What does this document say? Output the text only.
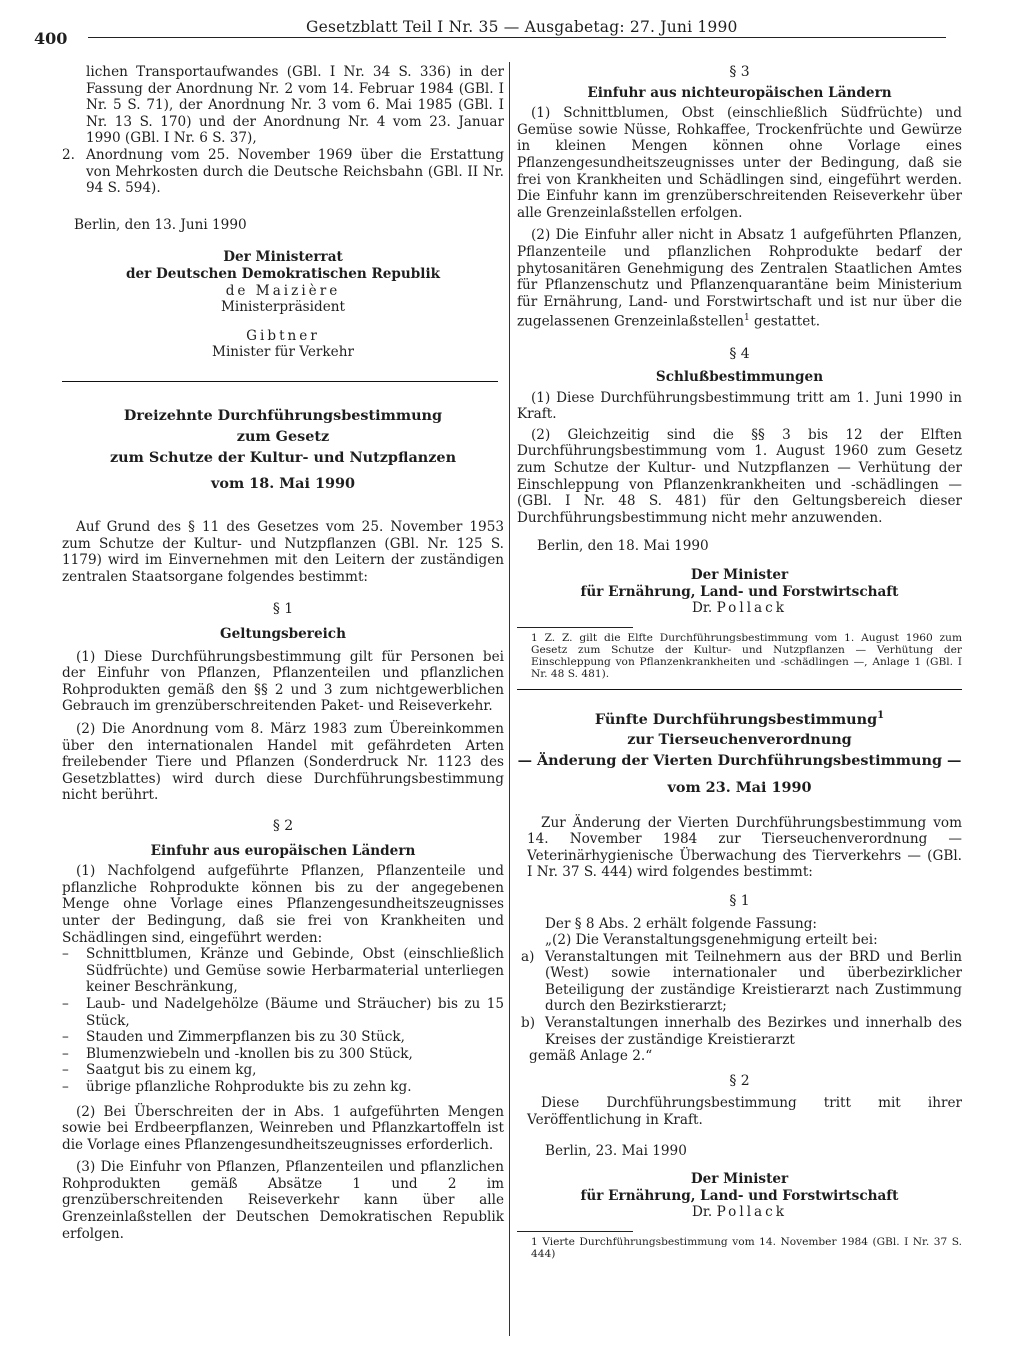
400
Gesetzblatt Teil I Nr. 35 — Ausgabetag: 27. Juni 1990

lichen Transportaufwandes (GBl. I Nr. 34 S. 336) in der Fassung der Anordnung Nr. 2 vom 14. Februar 1984 (GBl. I Nr. 5 S. 71), der Anordnung Nr. 3 vom 6. Mai 1985 (GBl. I Nr. 13 S. 170) und der Anordnung Nr. 4 vom 23. Januar 1990 (GBl. I Nr. 6 S. 37),

2. Anordnung vom 25. November 1969 über die Erstattung von Mehrkosten durch die Deutsche Reichsbahn (GBl. II Nr. 94 S. 594).

Berlin, den 13. Juni 1990

Der Ministerrat

der Deutschen Demokratischen Republik

de Maizière

Ministerpräsident

Gibtner

Minister für Verkehr

Dreizehnte Durchführungsbestimmung

zum Gesetz

zum Schutze der Kultur- und Nutzpflanzen

vom 18. Mai 1990

Auf Grund des § 11 des Gesetzes vom 25. November 1953 zum Schutze der Kultur- und Nutzpflanzen (GBl. Nr. 125 S. 1179) wird im Einvernehmen mit den Leitern der zuständigen zentralen Staatsorgane folgendes bestimmt:

§ 1

Geltungsbereich

(1) Diese Durchführungsbestimmung gilt für Personen bei der Einfuhr von Pflanzen, Pflanzenteilen und pflanzlichen Rohprodukten gemäß den §§ 2 und 3 zum nichtgewerblichen Gebrauch im grenzüberschreitenden Paket- und Reiseverkehr.

(2) Die Anordnung vom 8. März 1983 zum Übereinkommen über den internationalen Handel mit gefährdeten Arten freilebender Tiere und Pflanzen (Sonderdruck Nr. 1123 des Gesetzblattes) wird durch diese Durchführungsbestimmung nicht berührt.

§ 2

Einfuhr aus europäischen Ländern

(1) Nachfolgend aufgeführte Pflanzen, Pflanzenteile und pflanzliche Rohprodukte können bis zu der angegebenen Menge ohne Vorlage eines Pflanzengesundheitszeugnisses unter der Bedingung, daß sie frei von Krankheiten und Schädlingen sind, eingeführt werden:

– Schnittblumen, Kränze und Gebinde, Obst (einschließlich Südfrüchte) und Gemüse sowie Herbarmaterial unterliegen keiner Beschränkung,

– Laub- und Nadelgehölze (Bäume und Sträucher) bis zu 15 Stück,

– Stauden und Zimmerpflanzen bis zu 30 Stück,

– Blumenzwiebeln und -knollen bis zu 300 Stück,

– Saatgut bis zu einem kg,

– übrige pflanzliche Rohprodukte bis zu zehn kg.

(2) Bei Überschreiten der in Abs. 1 aufgeführten Mengen sowie bei Erdbeerpflanzen, Weinreben und Pflanzkartoffeln ist die Vorlage eines Pflanzengesundheitszeugnisses erforderlich.

(3) Die Einfuhr von Pflanzen, Pflanzenteilen und pflanzlichen Rohprodukten gemäß Absätze 1 und 2 im grenzüberschreitenden Reiseverkehr kann über alle Grenzeinlaßstellen der Deutschen Demokratischen Republik erfolgen.

§ 3

Einfuhr aus nichteuropäischen Ländern

(1) Schnittblumen, Obst (einschließlich Südfrüchte) und Gemüse sowie Nüsse, Rohkaffee, Trockenfrüchte und Gewürze in kleinen Mengen können ohne Vorlage eines Pflanzengesundheitszeugnisses unter der Bedingung, daß sie frei von Krankheiten und Schädlingen sind, eingeführt werden. Die Einfuhr kann im grenzüberschreitenden Reiseverkehr über alle Grenzeinlaßstellen erfolgen.

(2) Die Einfuhr aller nicht in Absatz 1 aufgeführten Pflanzen, Pflanzenteile und pflanzlichen Rohprodukte bedarf der phytosanitären Genehmigung des Zentralen Staatlichen Amtes für Pflanzenschutz und Pflanzenquarantäne beim Ministerium für Ernährung, Land- und Forstwirtschaft und ist nur über die zugelassenen Grenzeinlaßstellen$^1$ gestattet.

§ 4

Schlußbestimmungen

(1) Diese Durchführungsbestimmung tritt am 1. Juni 1990 in Kraft.

(2) Gleichzeitig sind die §§ 3 bis 12 der Elften Durchführungsbestimmung vom 1. August 1960 zum Gesetz zum Schutze der Kultur- und Nutzpflanzen — Verhütung der Einschleppung von Pflanzenkrankheiten und -schädlingen — (GBl. I Nr. 48 S. 481) für den Geltungsbereich dieser Durchführungsbestimmung nicht mehr anzuwenden.

Berlin, den 18. Mai 1990

Der Minister

für Ernährung, Land- und Forstwirtschaft

Dr. Pollack

1 Z. Z. gilt die Elfte Durchführungsbestimmung vom 1. August 1960 zum Gesetz zum Schutze der Kultur- und Nutzpflanzen — Verhütung der Einschleppung von Pflanzenkrankheiten und -schädlingen —, Anlage 1 (GBl. I Nr. 48 S. 481).

Fünfte Durchführungsbestimmung$^1$

zur Tierseuchenverordnung

— Änderung der Vierten Durchführungsbestimmung —

vom 23. Mai 1990

Zur Änderung der Vierten Durchführungsbestimmung vom 14. November 1984 zur Tierseuchenverordnung — Veterinärhygienische Überwachung des Tierverkehrs — (GBl. I Nr. 37 S. 444) wird folgendes bestimmt:

§ 1

Der § 8 Abs. 2 erhält folgende Fassung:

„(2) Die Veranstaltungsgenehmigung erteilt bei:

a) Veranstaltungen mit Teilnehmern aus der BRD und Berlin (West) sowie internationaler und überbezirklicher Beteiligung der zuständige Kreistierarzt nach Zustimmung durch den Bezirkstierarzt;

b) Veranstaltungen innerhalb des Bezirkes und innerhalb des Kreises der zuständige Kreistierarzt

gemäß Anlage 2.“

§ 2

Diese Durchführungsbestimmung tritt mit ihrer Veröffentlichung in Kraft.

Berlin, 23. Mai 1990

Der Minister

für Ernährung, Land- und Forstwirtschaft

Dr. Pollack

1 Vierte Durchführungsbestimmung vom 14. November 1984 (GBl. I Nr. 37 S. 444)
